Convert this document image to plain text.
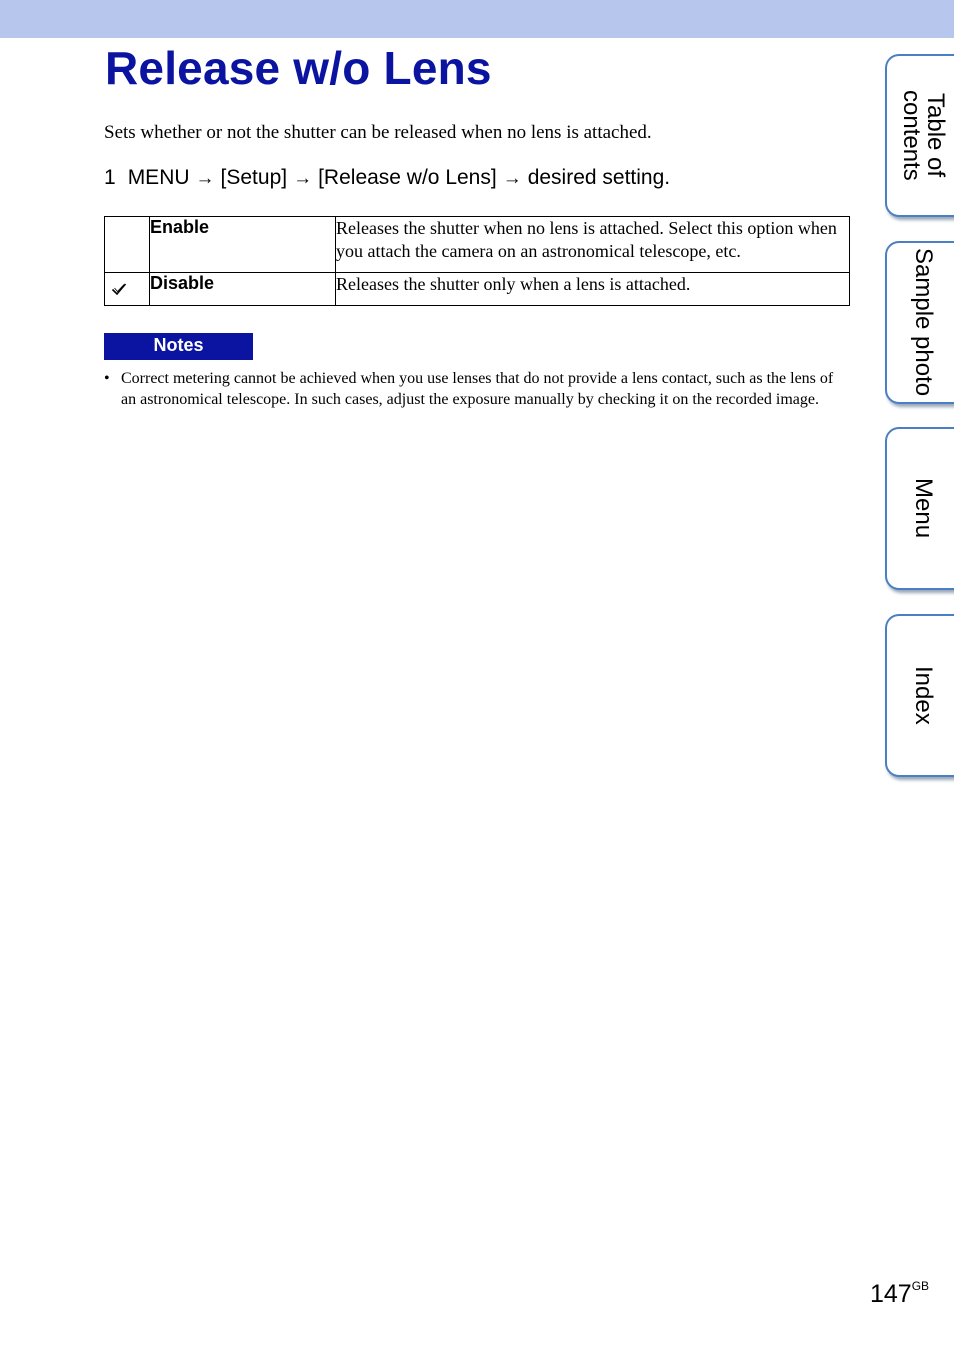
Release w/o Lens
Sets whether or not the shutter can be released when no lens is attached.
1 MENU → [Setup] → [Release w/o Lens] → desired setting.
	Enable	Releases the shutter when no lens is attached. Select this option when you attach the camera on an astronomical telescope, etc.

	Disable	Releases the shutter only when a lens is attached.
Notes
• Correct metering cannot be achieved when you use lenses that do not provide a lens contact, such as the lens of an astronomical telescope. In such cases, adjust the exposure manually by checking it on the recorded image.
Table of contents
Sample photo
Menu
Index
$147^{GB}$
